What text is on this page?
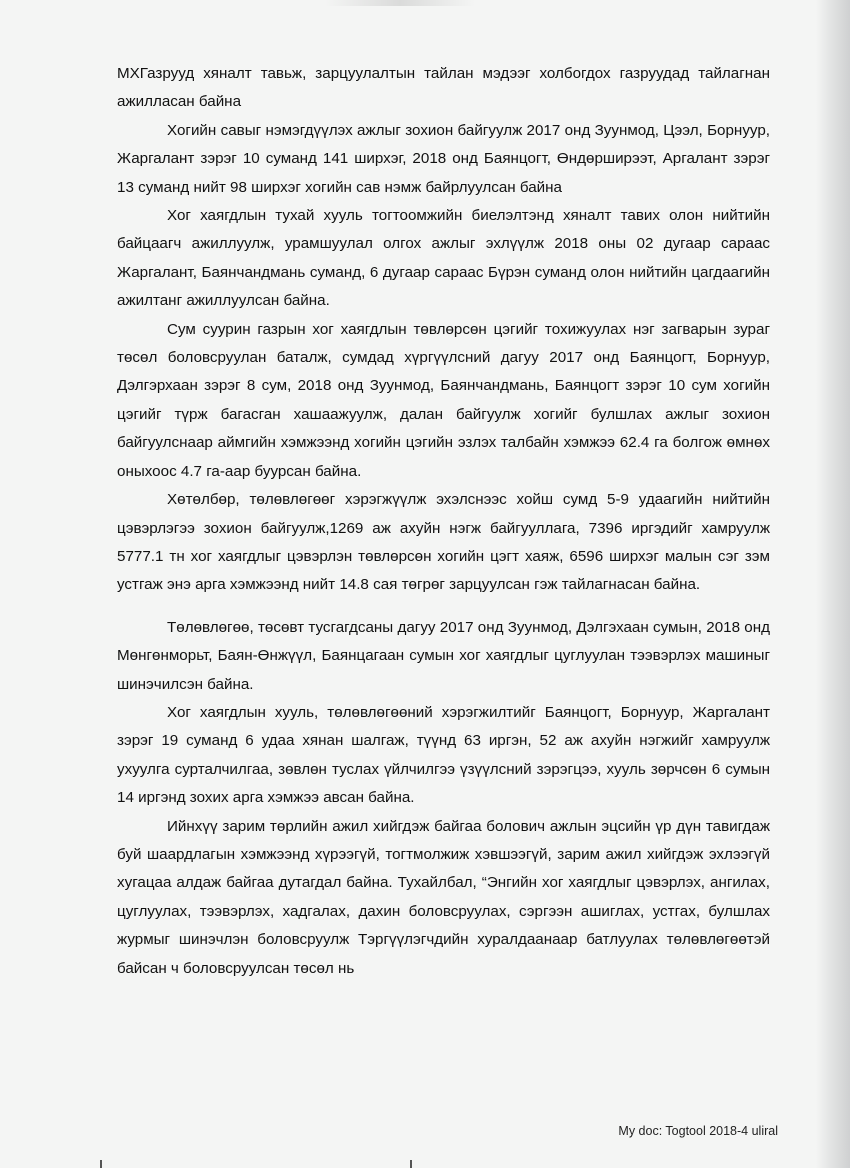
МХГазрууд хяналт тавьж, зарцуулалтын тайлан мэдээг холбогдох газруудад тайлагнан ажилласан байна

Хогийн савыг нэмэгдүүлэх ажлыг зохион байгуулж 2017 онд Зуунмод, Цээл, Борнуур, Жаргалант зэрэг 10 суманд 141 ширхэг, 2018 онд Баянцогт, Өндөрширээт, Аргалант зэрэг 13 суманд нийт 98 ширхэг хогийн сав нэмж байрлуулсан байна

Хог хаягдлын тухай хууль тогтоомжийн биелэлтэнд хяналт тавих олон нийтийн байцаагч ажиллуулж, урамшуулал олгох ажлыг эхлүүлж 2018 оны 02 дугаар сараас Жаргалант, Баянчандмань суманд, 6 дугаар сараас Бүрэн суманд олон нийтийн цагдаагийн ажилтанг ажиллуулсан байна.

Сум суурин газрын хог хаягдлын төвлөрсөн цэгийг тохижуулах нэг загварын зураг төсөл боловсруулан баталж, сумдад хүргүүлсний дагуу 2017 онд Баянцогт, Борнуур, Дэлгэрхаан зэрэг 8 сум, 2018 онд Зуунмод, Баянчандмань, Баянцогт зэрэг 10 сум хогийн цэгийг түрж багасган хашаажуулж, далан байгуулж хогийг булшлах ажлыг зохион байгуулснаар аймгийн хэмжээнд хогийн цэгийн эзлэх талбайн хэмжээ 62.4 га болгож өмнөх оныхоос 4.7 га-аар буурсан байна.

Хөтөлбөр, төлөвлөгөөг хэрэгжүүлж эхэлснээс хойш сумд 5-9 удаагийн нийтийн цэвэрлэгээ зохион байгуулж,1269 аж ахуйн нэгж байгууллага, 7396 иргэдийг хамруулж 5777.1 тн хог хаягдлыг цэвэрлэн төвлөрсөн хогийн цэгт хаяж, 6596 ширхэг малын сэг зэм устгаж энэ арга хэмжээнд нийт 14.8 сая төгрөг зарцуулсан гэж тайлагнасан байна.

Төлөвлөгөө, төсөвт тусгагдсаны дагуу 2017 онд Зуунмод, Дэлгэхаан сумын, 2018 онд Мөнгөнморьт, Баян-Өнжүүл, Баянцагаан сумын хог хаягдлыг цуглуулан тээвэрлэх машиныг шинэчилсэн байна.

Хог хаягдлын хууль, төлөвлөгөөний хэрэгжилтийг Баянцогт, Борнуур, Жаргалант зэрэг 19 суманд 6 удаа хянан шалгаж, түүнд 63 иргэн, 52 аж ахуйн нэгжийг хамруулж ухуулга сурталчилгаа, зөвлөн туслах үйлчилгээ үзүүлсний зэрэгцээ, хууль зөрчсөн 6 сумын 14 иргэнд зохих арга хэмжээ авсан байна.

Ийнхүү зарим төрлийн ажил хийгдэж байгаа болович ажлын эцсийн үр дүн тавигдаж буй шаардлагын хэмжээнд хүрээгүй, тогтмолжиж хэвшээгүй, зарим ажил хийгдэж эхлээгүй хугацаа алдаж байгаа дутагдал байна. Тухайлбал, “Энгийн хог хаягдлыг цэвэрлэх, ангилах, цуглуулах, тээвэрлэх, хадгалах, дахин боловсруулах, сэргээн ашиглах, устгах, булшлах журмыг шинэчлэн боловсруулж Тэргүүлэгчдийн хуралдаанаар батлуулах төлөвлөгөөтэй байсан ч боловсруулсан төсөл нь

My doc: Togtool 2018-4 uliral
